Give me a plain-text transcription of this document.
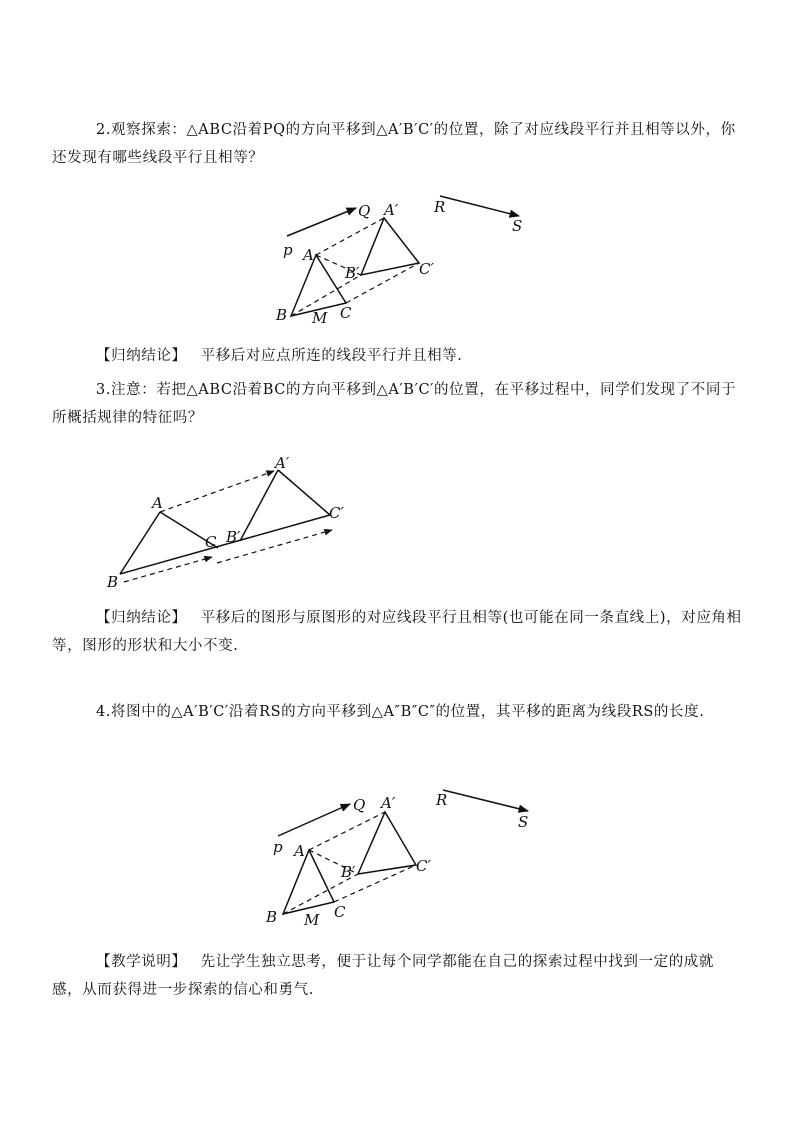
2.观察探索：△ABC沿着PQ的方向平移到△A′B′C′的位置，除了对应线段平行并且相等以外，你还发现有哪些线段平行且相等？

p
Q A′ R
S
A
B′	C′
B M C

【归纳结论】 平移后对应点所连的线段平行并且相等.

3.注意：若把△ABC沿着BC的方向平移到△A′B′C′的位置，在平移过程中，同学们发现了不同于所概括规律的特征吗？

A′
A
C′
C B′
B

【归纳结论】 平移后的图形与原图形的对应线段平行且相等(也可能在同一条直线上)，对应角相等，图形的形状和大小不变.

4.将图中的△A′B′C′沿着RS的方向平移到△A″B″C″的位置，其平移的距离为线段RS的长度.

p
Q A′	R
S
A
B′	C′
B M C

【教学说明】 先让学生独立思考，便于让每个同学都能在自己的探索过程中找到一定的成就感，从而获得进一步探索的信心和勇气.
